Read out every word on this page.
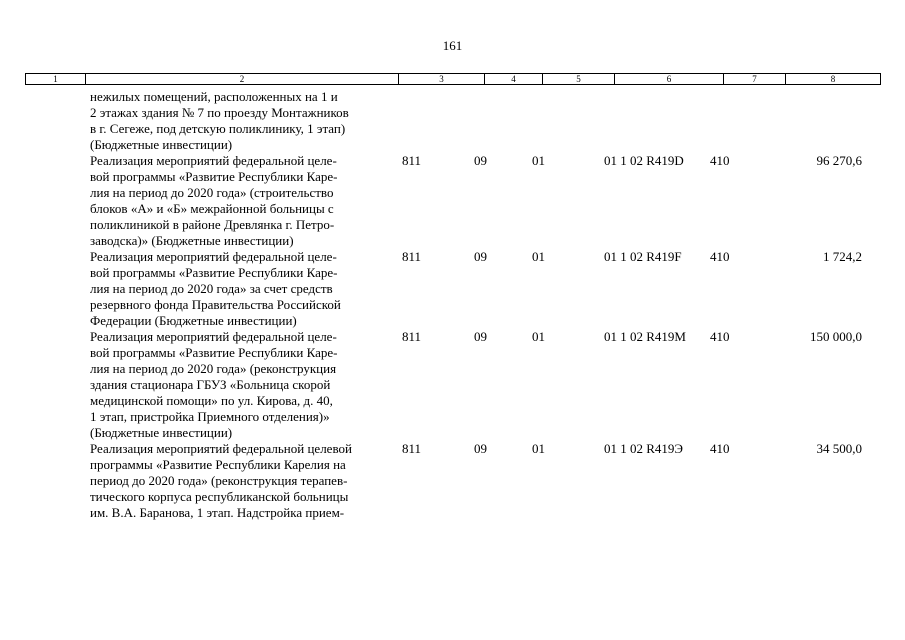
161
1	2	3	4	5	6	7	8
нежилых помещений, расположенных на 1 и
2 этажах здания № 7 по проезду Монтажников
в г. Сегеже, под детскую поликлинику, 1 этап)
(Бюджетные инвестиции)
Реализация мероприятий федеральной целе-
вой программы «Развитие Республики Каре-
лия на период до 2020 года» (строительство
блоков «А» и «Б» межрайонной больницы с
поликлиникой в районе Древлянка г. Петро-
заводска)» (Бюджетные инвестиции)
811	09	01	01 1 02 R419D	410	96 270,6
Реализация мероприятий федеральной целе-
вой программы «Развитие Республики Каре-
лия на период до 2020 года» за счет средств
резервного фонда Правительства Российской
Федерации (Бюджетные инвестиции)
811	09	01	01 1 02 R419F	410	1 724,2
Реализация мероприятий федеральной целе-
вой программы «Развитие Республики Каре-
лия на период до 2020 года» (реконструкция
здания стационара ГБУЗ «Больница скорой
медицинской помощи» по ул. Кирова, д. 40,
1 этап, пристройка Приемного отделения)»
(Бюджетные инвестиции)
811	09	01	01 1 02 R419M	410	150 000,0
Реализация мероприятий федеральной целевой
программы «Развитие Республики Карелия на
период до 2020 года» (реконструкция терапев-
тического корпуса республиканской больницы
им. В.А. Баранова, 1 этап. Надстройка прием-
811	09	01	01 1 02 R419Э	410	34 500,0
